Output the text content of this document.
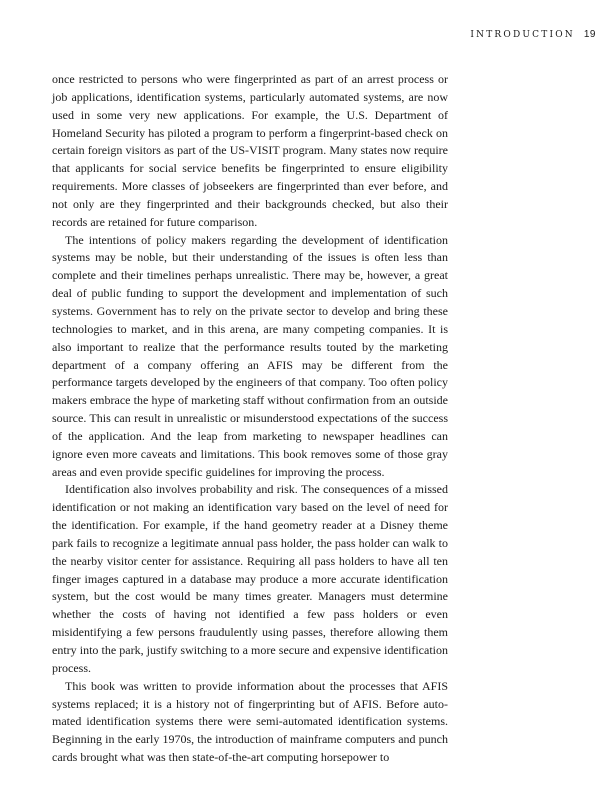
INTRODUCTION 19

once restricted to persons who were fingerprinted as part of an arrest process or job applications, identification systems, particularly automated systems, are now used in some very new applications. For example, the U.S. Department of Homeland Security has piloted a program to perform a fingerprint-based check on certain foreign visitors as part of the US-VISIT program. Many states now require that applicants for social service benefits be fingerprinted to ensure eligibility requirements. More classes of jobseekers are fingerprinted than ever before, and not only are they fingerprinted and their backgrounds checked, but also their records are retained for future comparison.

The intentions of policy makers regarding the development of identification systems may be noble, but their understanding of the issues is often less than complete and their timelines perhaps unrealistic. There may be, however, a great deal of public funding to support the development and implementation of such systems. Government has to rely on the private sector to develop and bring these technologies to market, and in this arena, are many competing companies. It is also important to realize that the performance results touted by the marketing department of a company offering an AFIS may be different from the performance targets developed by the engineers of that company. Too often policy makers embrace the hype of marketing staff without confirmation from an outside source. This can result in unrealistic or misunderstood expectations of the success of the application. And the leap from marketing to newspaper headlines can ignore even more caveats and limitations. This book removes some of those gray areas and even provide specific guidelines for improving the process.

Identification also involves probability and risk. The consequences of a missed identification or not making an identification vary based on the level of need for the identification. For example, if the hand geometry reader at a Disney theme park fails to recognize a legitimate annual pass holder, the pass holder can walk to the nearby visitor center for assistance. Requiring all pass holders to have all ten finger images captured in a database may produce a more accurate identification system, but the cost would be many times greater. Managers must determine whether the costs of having not identified a few pass holders or even misidentifying a few persons fraudulently using passes, therefore allowing them entry into the park, justify switching to a more secure and expensive identification process.

This book was written to provide information about the processes that AFIS systems replaced; it is a history not of fingerprinting but of AFIS. Before automated identification systems there were semi-automated identification systems. Beginning in the early 1970s, the introduction of mainframe computers and punch cards brought what was then state-of-the-art computing horsepower to
